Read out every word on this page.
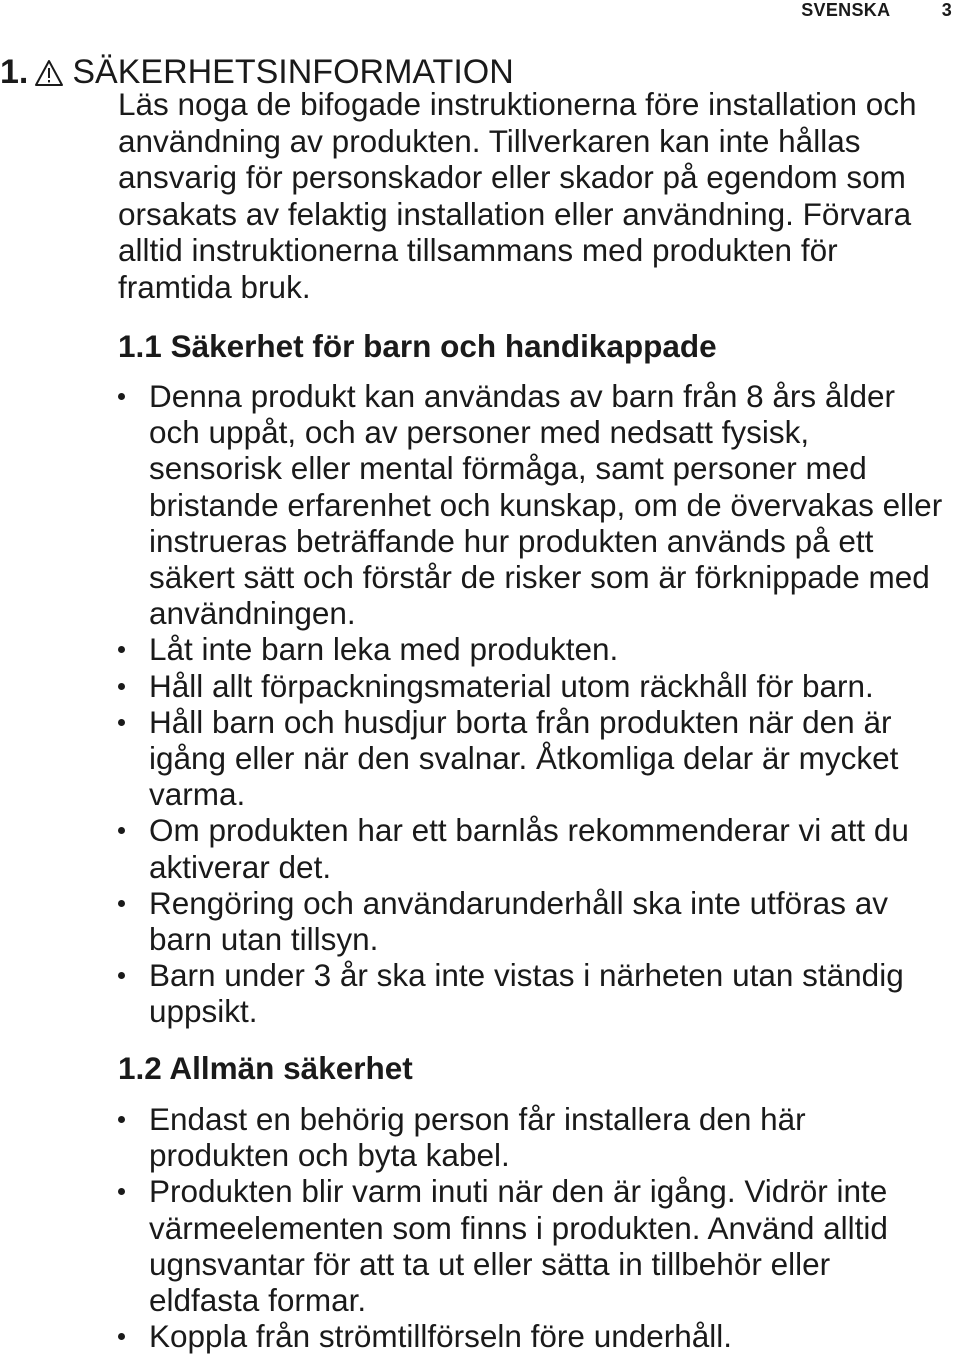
SVENSKA	3
1. SÄKERHETSINFORMATION

Läs noga de bifogade instruktionerna före installation och användning av produkten. Tillverkaren kan inte hållas ansvarig för personskador eller skador på egendom som orsakats av felaktig installation eller användning. Förvara alltid instruktionerna tillsammans med produkten för framtida bruk.

1.1 Säkerhet för barn och handikappade
Denna produkt kan användas av barn från 8 års ålder och uppåt, och av personer med nedsatt fysisk, sensorisk eller mental förmåga, samt personer med bristande erfarenhet och kunskap, om de övervakas eller instrueras beträffande hur produkten används på ett säkert sätt och förstår de risker som är förknippade med användningen.
Låt inte barn leka med produkten.
Håll allt förpackningsmaterial utom räckhåll för barn.
Håll barn och husdjur borta från produkten när den är igång eller när den svalnar. Åtkomliga delar är mycket varma.
Om produkten har ett barnlås rekommenderar vi att du aktiverar det.
Rengöring och användarunderhåll ska inte utföras av barn utan tillsyn.
Barn under 3 år ska inte vistas i närheten utan ständig uppsikt.
1.2 Allmän säkerhet
Endast en behörig person får installera den här produkten och byta kabel.
Produkten blir varm inuti när den är igång. Vidrör inte värmeelementen som finns i produkten. Använd alltid ugnsvantar för att ta ut eller sätta in tillbehör eller eldfasta formar.
Koppla från strömtillförseln före underhåll.
